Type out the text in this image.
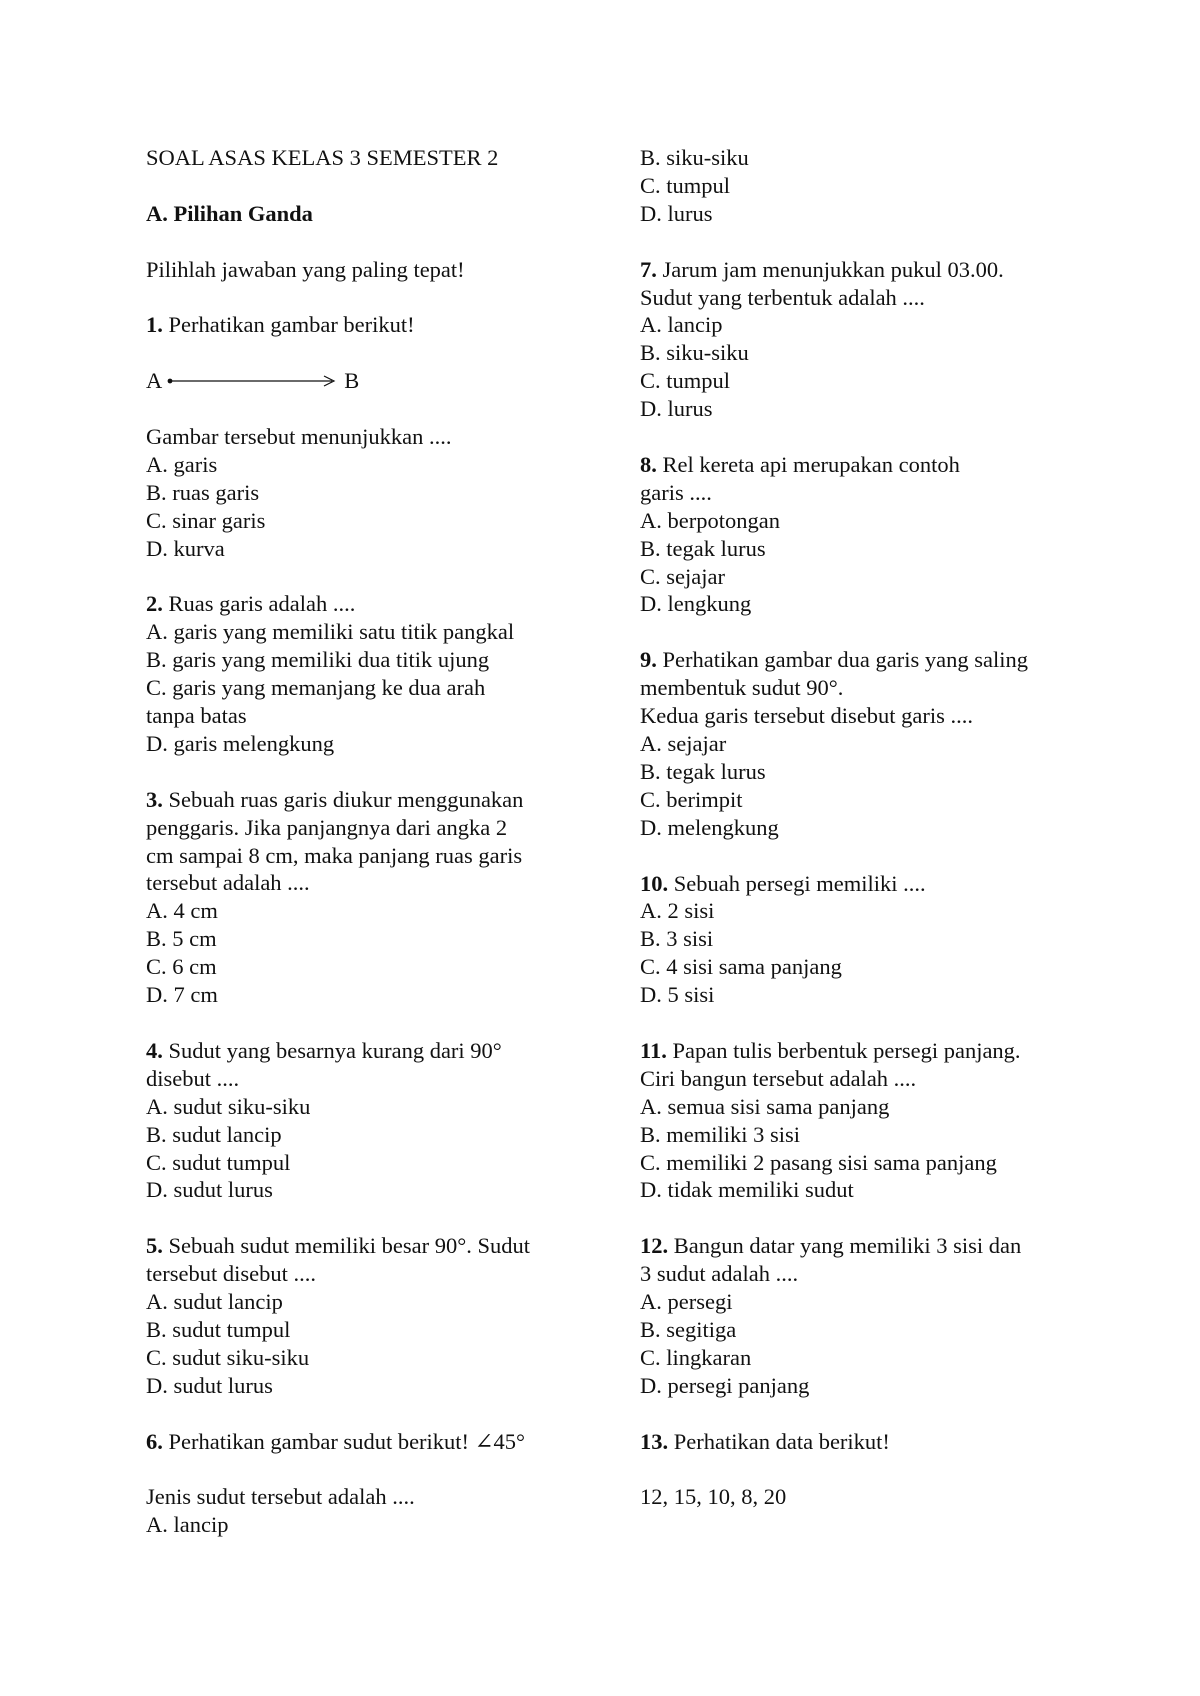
SOAL ASAS KELAS 3 SEMESTER 2
A. Pilihan Ganda
Pilihlah jawaban yang paling tepat!
1. Perhatikan gambar berikut!
A	B
Gambar tersebut menunjukkan ....
A. garis
B. ruas garis
C. sinar garis
D. kurva
2. Ruas garis adalah ....
A. garis yang memiliki satu titik pangkal
B. garis yang memiliki dua titik ujung
C. garis yang memanjang ke dua arah
tanpa batas
D. garis melengkung
3. Sebuah ruas garis diukur menggunakan
penggaris. Jika panjangnya dari angka 2
cm sampai 8 cm, maka panjang ruas garis
tersebut adalah ....
A. 4 cm
B. 5 cm
C. 6 cm
D. 7 cm
4. Sudut yang besarnya kurang dari 90°
disebut ....
A. sudut siku-siku
B. sudut lancip
C. sudut tumpul
D. sudut lurus
5. Sebuah sudut memiliki besar 90°. Sudut
tersebut disebut ....
A. sudut lancip
B. sudut tumpul
C. sudut siku-siku
D. sudut lurus
6. Perhatikan gambar sudut berikut! ∠45°
Jenis sudut tersebut adalah ....
A. lancip
B. siku-siku
C. tumpul
D. lurus
7. Jarum jam menunjukkan pukul 03.00.
Sudut yang terbentuk adalah ....
A. lancip
B. siku-siku
C. tumpul
D. lurus
8. Rel kereta api merupakan contoh
garis ....
A. berpotongan
B. tegak lurus
C. sejajar
D. lengkung
9. Perhatikan gambar dua garis yang saling
membentuk sudut 90°.
Kedua garis tersebut disebut garis ....
A. sejajar
B. tegak lurus
C. berimpit
D. melengkung
10. Sebuah persegi memiliki ....
A. 2 sisi
B. 3 sisi
C. 4 sisi sama panjang
D. 5 sisi
11. Papan tulis berbentuk persegi panjang.
Ciri bangun tersebut adalah ....
A. semua sisi sama panjang
B. memiliki 3 sisi
C. memiliki 2 pasang sisi sama panjang
D. tidak memiliki sudut
12. Bangun datar yang memiliki 3 sisi dan
3 sudut adalah ....
A. persegi
B. segitiga
C. lingkaran
D. persegi panjang
13. Perhatikan data berikut!
12, 15, 10, 8, 20
